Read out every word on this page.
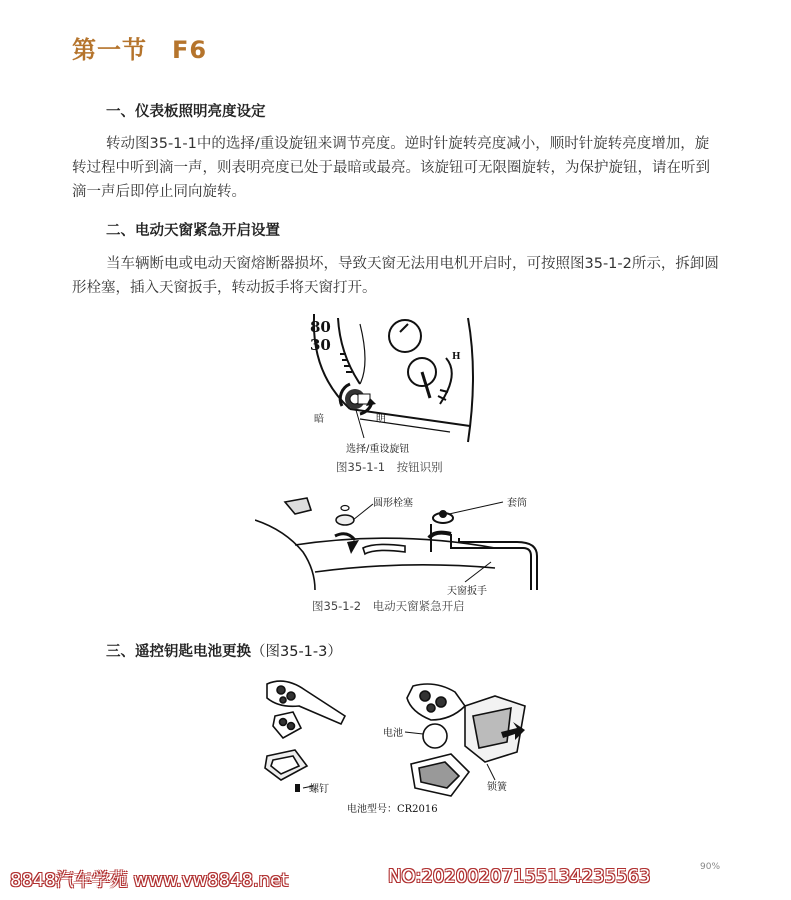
第一节　F6
一、仪表板照明亮度设定

转动图35-1-1中的选择/重设旋钮来调节亮度。逆时针旋转亮度减小，顺时针旋转亮度增加，旋转过程中听到滴一声，则表明亮度已处于最暗或最亮。该旋钮可无限圈旋转，为保护旋钮，请在听到滴一声后即停止同向旋转。

二、电动天窗紧急开启设置

当车辆断电或电动天窗熔断器损坏，导致天窗无法用电机开启时，可按照图35-1-2所示，拆卸圆形栓塞，插入天窗扳手，转动扳手将天窗打开。

80
30
H
暗	明
选择/重设旋钮
图35-1-1　按钮识别
圆形栓塞	套筒
天窗扳手
图35-1-2　电动天窗紧急开启
三、遥控钥匙电池更换（图35-1-3）
电池
螺钉	锁簧
电池型号：CR2016
90%
8848汽车学苑 www.vw8848.net	NO:20200207155134235563
